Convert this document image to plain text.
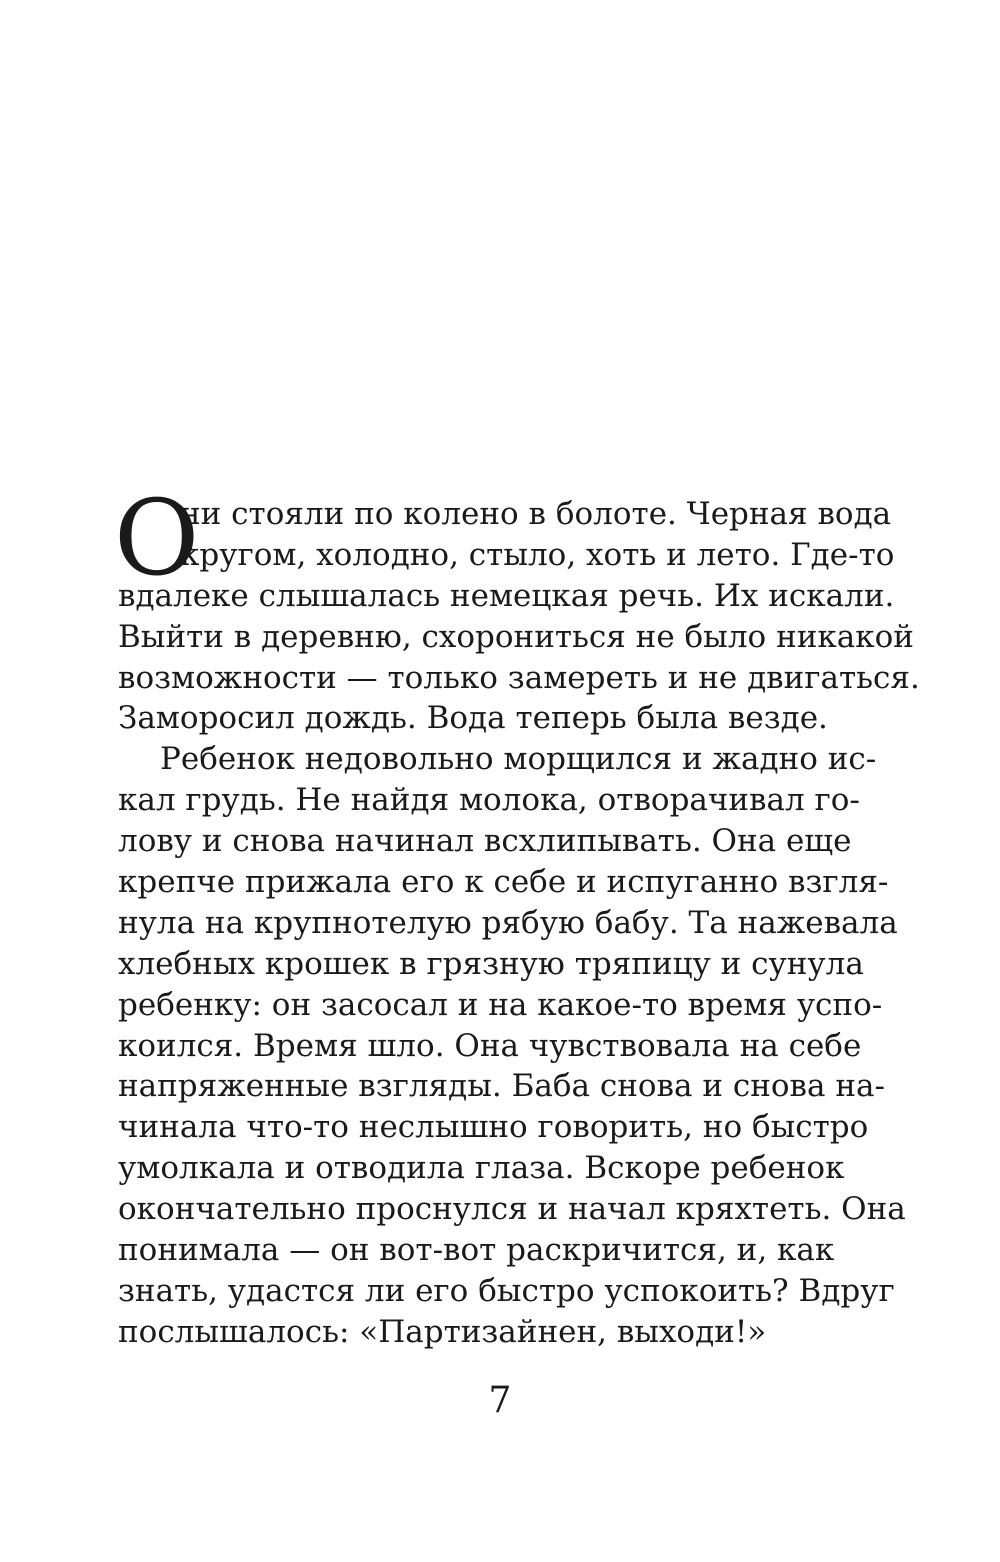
О
ни стояли по колено в болоте. Черная вода
кругом, холодно, стыло, хоть и лето. Где-то
вдалеке слышалась немецкая речь. Их искали.
Выйти в деревню, схорониться не было никакой
возможности — только замереть и не двигаться.
Заморосил дождь. Вода теперь была везде.
Ребенок недовольно морщился и жадно ис-
кал грудь. Не найдя молока, отворачивал го-
лову и снова начинал всхлипывать. Она еще
крепче прижала его к себе и испуганно взгля-
нула на крупнотелую рябую бабу. Та нажевала
хлебных крошек в грязную тряпицу и сунула
ребенку: он засосал и на какое-то время успо-
коился. Время шло. Она чувствовала на себе
напряженные взгляды. Баба снова и снова на-
чинала что-то неслышно говорить, но быстро
умолкала и отводила глаза. Вскоре ребенок
окончательно проснулся и начал кряхтеть. Она
понимала — он вот-вот раскричится, и, как
знать, удастся ли его быстро успокоить? Вдруг
послышалось: «Партизайнен, выходи!»
7
